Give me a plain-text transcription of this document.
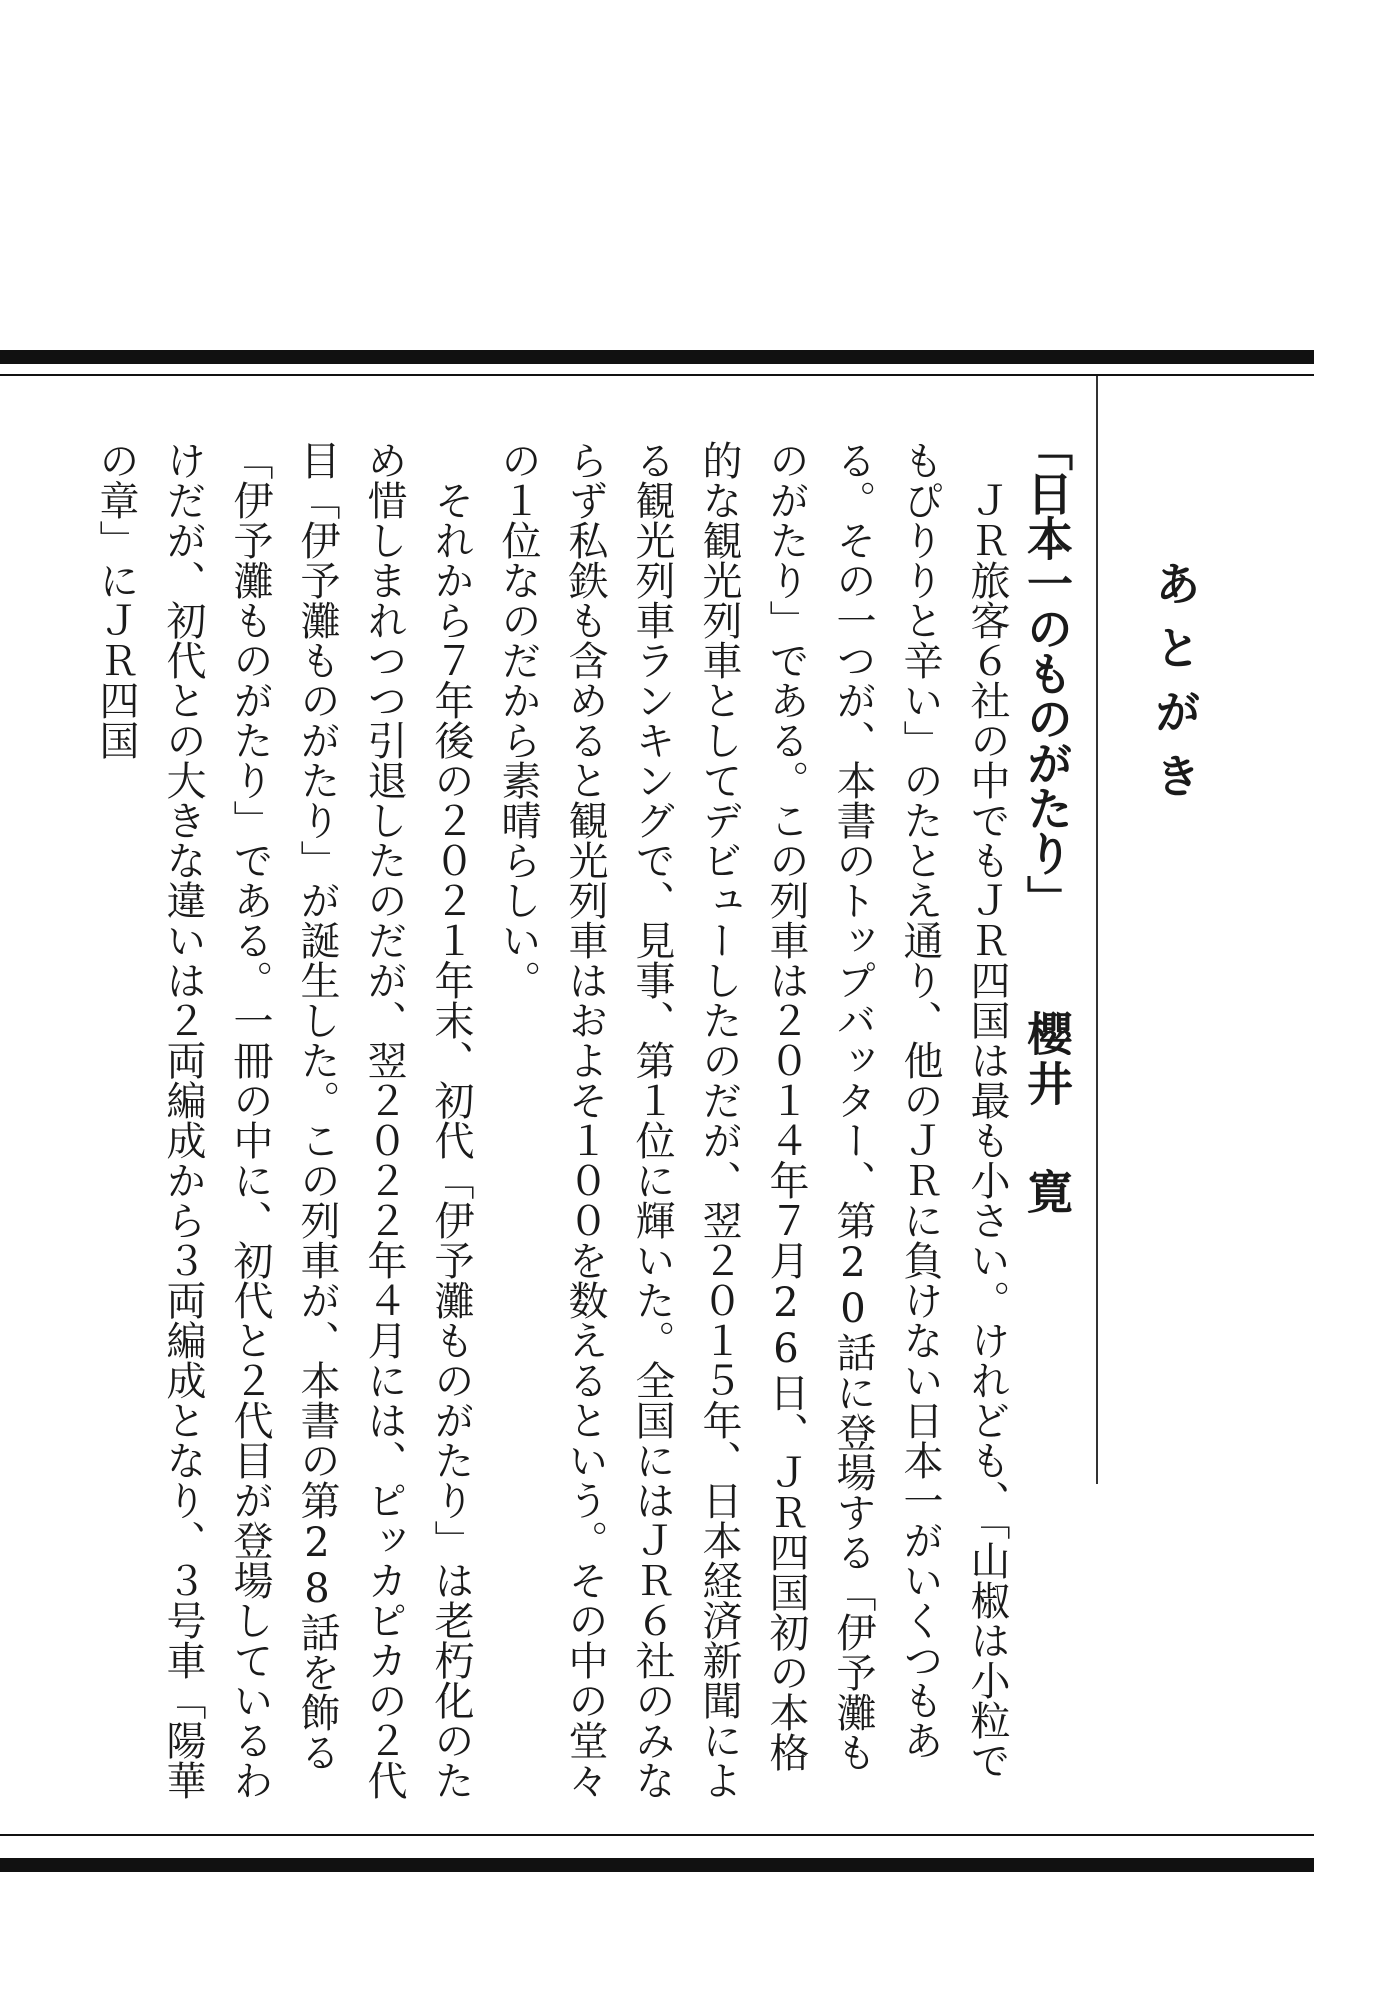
あとがき
「日本一のものがたり」
櫻井 寛

ＪＲ旅客６社の中でもＪＲ四国は最も小さい。けれども、「山椒は小粒でもぴりりと辛い」のたとえ通り、他のＪＲに負けない日本一がいくつもある。その一つが、本書のトップバッター、第20話に登場する「伊予灘ものがたり」である。この列車は２０１４年７月26日、ＪＲ四国初の本格的な観光列車としてデビューしたのだが、翌２０１５年、日本経済新聞による観光列車ランキングで、見事、第１位に輝いた。全国にはＪＲ６社のみならず私鉄も含めると観光列車はおよそ１００を数えるという。その中の堂々の１位なのだから素晴らしい。

それから７年後の２０２１年末、初代「伊予灘ものがたり」は老朽化のため惜しまれつつ引退したのだが、翌２０２２年４月には、ピッカピカの２代目「伊予灘ものがたり」が誕生した。この列車が、本書の第28話を飾る「伊予灘ものがたり」である。一冊の中に、初代と２代目が登場しているわけだが、初代との大きな違いは２両編成から３両編成となり、３号車「陽華の章」にＪＲ四国
